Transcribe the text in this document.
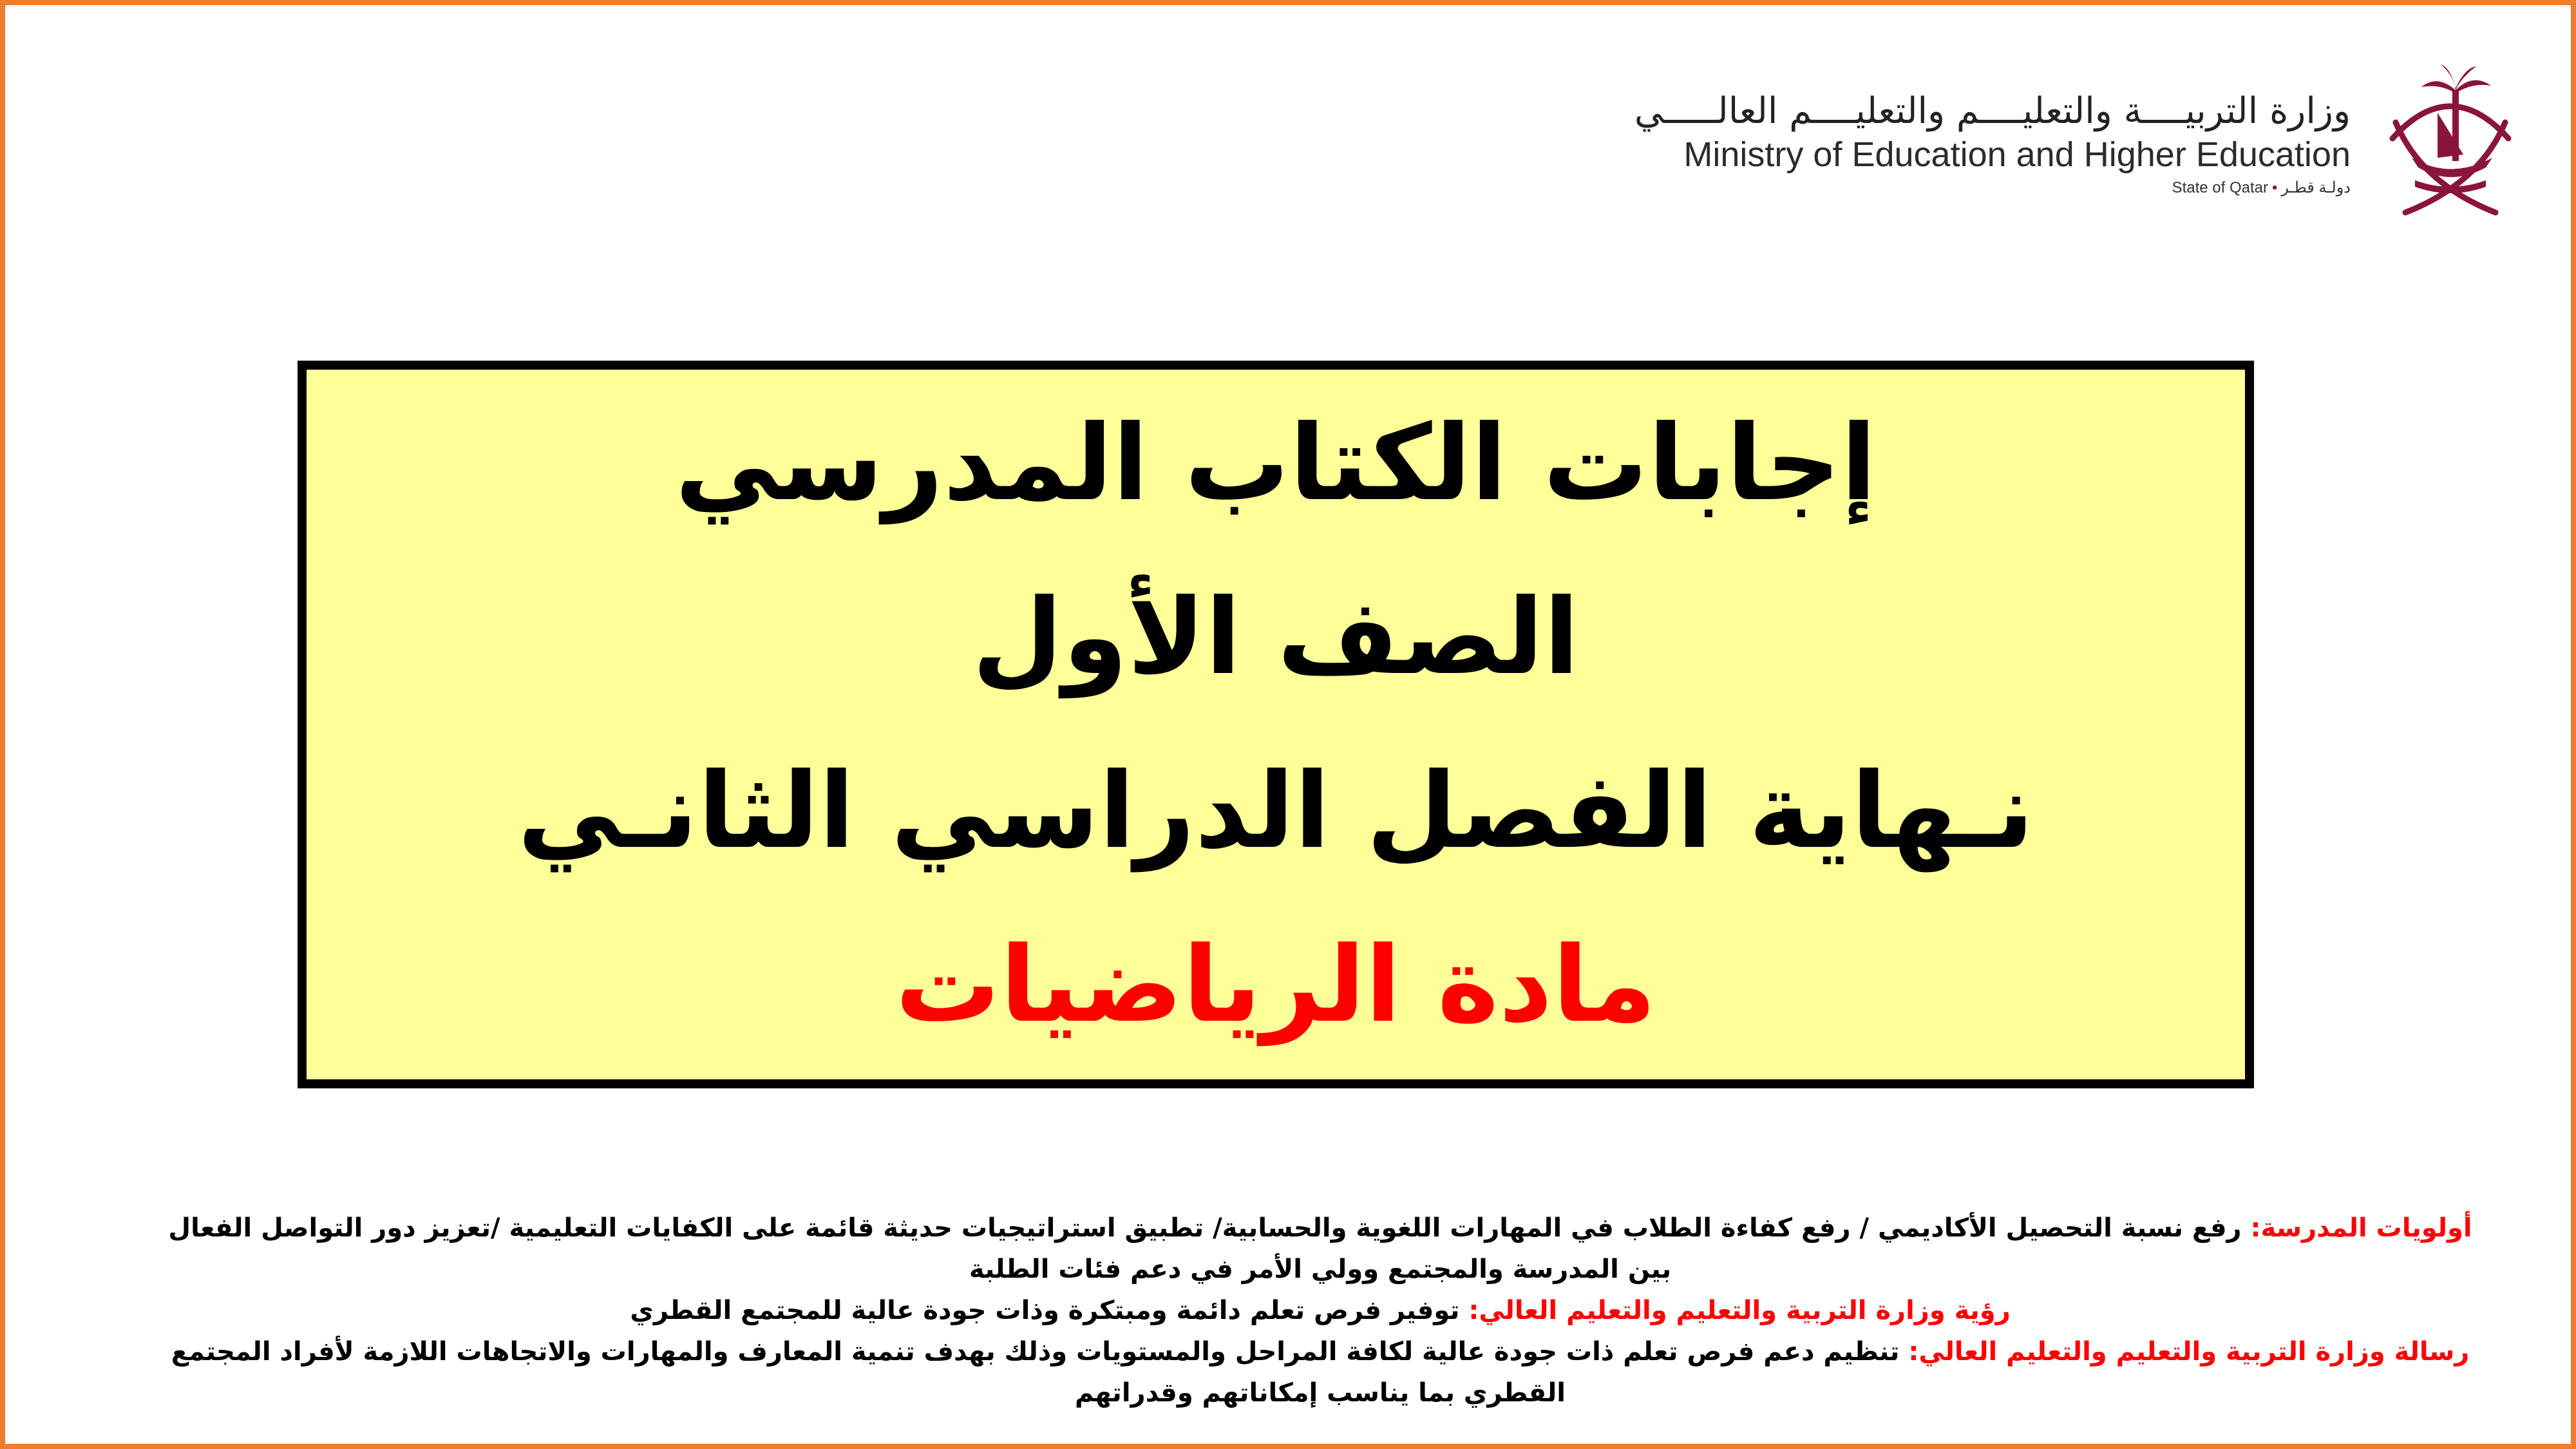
وزارة التربيــــة والتعليــــم والتعليــــم العالـــــي
Ministry of Education and Higher Education
State of Qatar • دولـة قطـر
إجابات الكتاب المدرسي
الصف الأول
نـهاية الفصل الدراسي الثانـي
مادة الرياضيات

أولويات المدرسة: رفع نسبة التحصيل الأكاديمي / رفع كفاءة الطلاب في المهارات اللغوية والحسابية/ تطبيق استراتيجيات حديثة قائمة على الكفايات التعليمية /تعزيز دور التواصل الفعال بين المدرسة والمجتمع وولي الأمر في دعم فئات الطلبة

رؤية وزارة التربية والتعليم والتعليم العالي: توفير فرص تعلم دائمة ومبتكرة وذات جودة عالية للمجتمع القطري

رسالة وزارة التربية والتعليم والتعليم العالي: تنظيم دعم فرص تعلم ذات جودة عالية لكافة المراحل والمستويات وذلك بهدف تنمية المعارف والمهارات والاتجاهات اللازمة لأفراد المجتمع القطري بما يناسب إمكاناتهم وقدراتهم
